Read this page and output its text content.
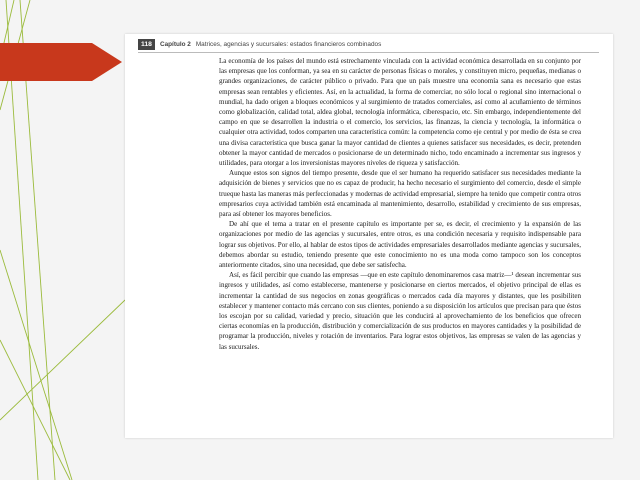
118	Capítulo 2 Matrices, agencias y sucursales: estados financieros combinados

La economía de los países del mundo está estrechamente vinculada con la actividad económica desarrollada en su conjunto por las empresas que los conforman, ya sea en su carácter de personas físicas o morales, y constituyen micro, pequeñas, medianas o grandes organizaciones, de carácter público o privado. Para que un país muestre una economía sana es necesario que estas empresas sean rentables y eficientes. Así, en la actualidad, la forma de comerciar, no sólo local o regional sino internacional o mundial, ha dado origen a bloques económicos y al surgimiento de tratados comerciales, así como al acuñamiento de términos como globalización, calidad total, aldea global, tecnología informática, ciberespacio, etc. Sin embargo, independientemente del campo en que se desarrollen la industria o el comercio, los servicios, las finanzas, la ciencia y tecnología, la informática o cualquier otra actividad, todos comparten una característica común: la competencia como eje central y por medio de ésta se crea una divisa característica que busca ganar la mayor cantidad de clientes a quienes satisfacer sus necesidades, es decir, pretenden obtener la mayor cantidad de mercados o posicionarse de un determinado nicho, todo encaminado a incrementar sus ingresos y utilidades, para otorgar a los inversionistas mayores niveles de riqueza y satisfacción.

Aunque estos son signos del tiempo presente, desde que el ser humano ha requerido satisfacer sus necesidades mediante la adquisición de bienes y servicios que no es capaz de producir, ha hecho necesario el surgimiento del comercio, desde el simple trueque hasta las maneras más perfeccionadas y modernas de actividad empresarial, siempre ha tenido que competir contra otros empresarios cuya actividad también está encaminada al mantenimiento, desarrollo, estabilidad y crecimiento de sus empresas, para así obtener los mayores beneficios.

De ahí que el tema a tratar en el presente capítulo es importante per se, es decir, el crecimiento y la expansión de las organizaciones por medio de las agencias y sucursales, entre otros, es una condición necesaria y requisito indispensable para lograr sus objetivos. Por ello, al hablar de estos tipos de actividades empresariales desarrollados mediante agencias y sucursales, debemos abordar su estudio, teniendo presente que este conocimiento no es una moda como tampoco son los conceptos anteriormente citados, sino una necesidad, que debe ser satisfecha.

Así, es fácil percibir que cuando las empresas —que en este capítulo denominaremos casa matriz—¹ desean incrementar sus ingresos y utilidades, así como establecerse, mantenerse y posicionarse en ciertos mercados, el objetivo principal de ellas es incrementar la cantidad de sus negocios en zonas geográficas o mercados cada día mayores y distantes, que les posibiliten establecer y mantener contacto más cercano con sus clientes, poniendo a su disposición los artículos que precisan para que éstos los escojan por su calidad, variedad y precio, situación que les conducirá al aprovechamiento de los beneficios que ofrecen ciertas economías en la producción, distribución y comercialización de sus productos en mayores cantidades y la posibilidad de programar la producción, niveles y rotación de inventarios. Para lograr estos objetivos, las empresas se valen de las agencias y las sucursales.
